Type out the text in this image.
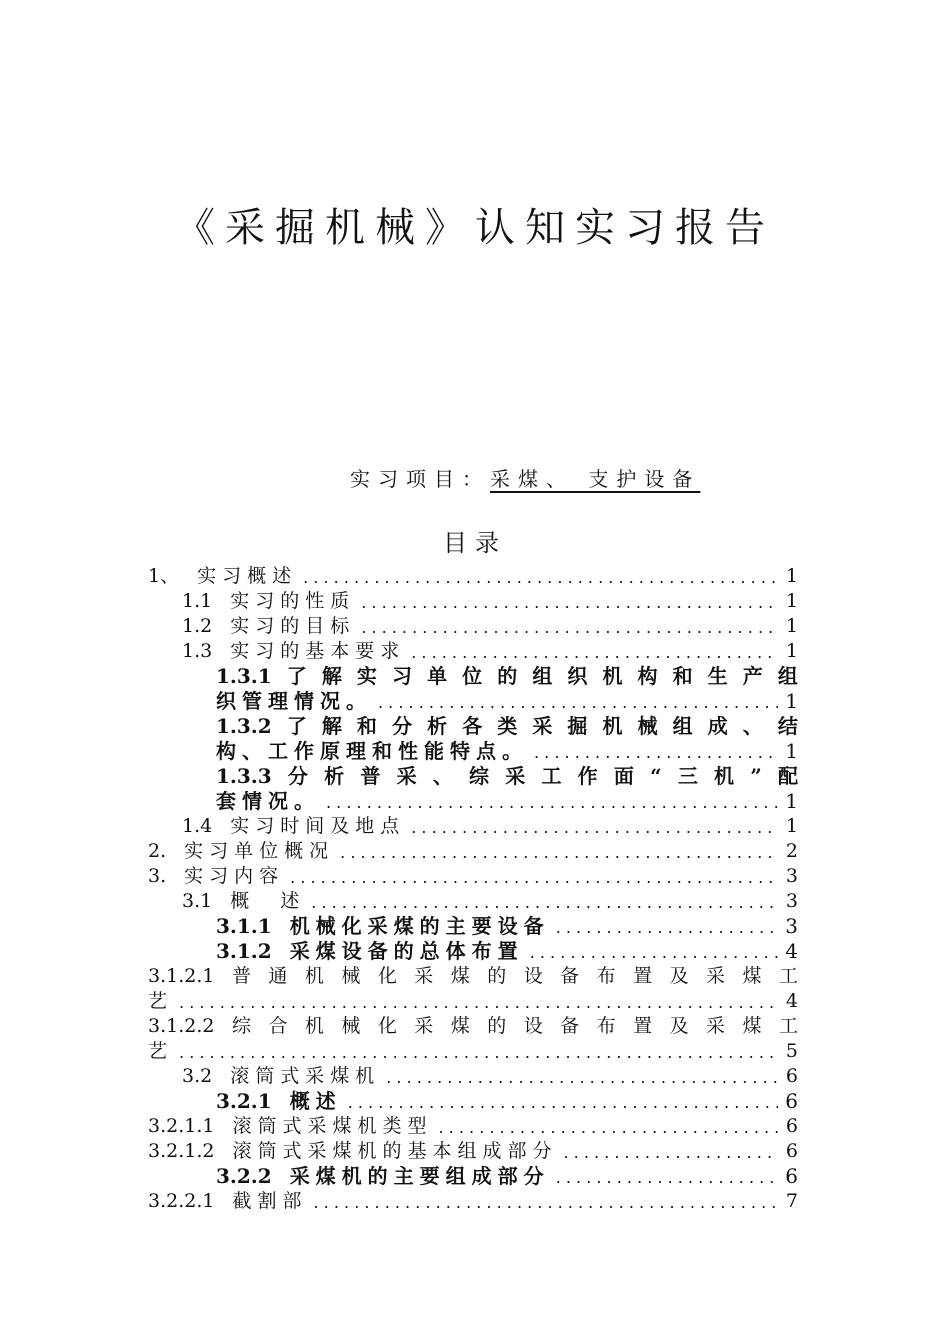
《采掘机械》认知实习报告
实习项目：采煤、 支护设备
目录
1、 实习概述 . . .	1
1.1 实习的性质 . . .	1
1.2 实习的目标 . . .	1
1.3 实习的基本要求 . . .	1
1.3.1 了 解 实 习 单 位 的 组 织 机 构 和 生 产 组
织管理情况。 . . .	1
1.3.2 了 解 和 分 析 各 类 采 掘 机 械 组 成 、 结
构、工作原理和性能特点。 . . .	1
1.3.3 分 析 普 采 、 综 采 工 作 面 “ 三 机 ” 配
套情况。 . . .	1
1.4 实习时间及地点 . . .	1
2. 实习单位概况 . . .	2
3. 实习内容 . . .	3
3.1 概　述 . . .	3
3.1.1 机械化采煤的主要设备 . . .	3
3.1.2 采煤设备的总体布置 . . .	4
3.1.2.1 普 通 机 械 化 采 煤 的 设 备 布 置 及 采 煤 工
艺 . . .	4
3.1.2.2 综 合 机 械 化 采 煤 的 设 备 布 置 及 采 煤 工
艺 . . .	5
3.2 滚筒式采煤机 . . .	6
3.2.1 概述 . . .	6
3.2.1.1 滚筒式采煤机类型 . . .	6
3.2.1.2 滚筒式采煤机的基本组成部分 . . .	6
3.2.2 采煤机的主要组成部分 . . .	6
3.2.2.1 截割部 . . .	7
